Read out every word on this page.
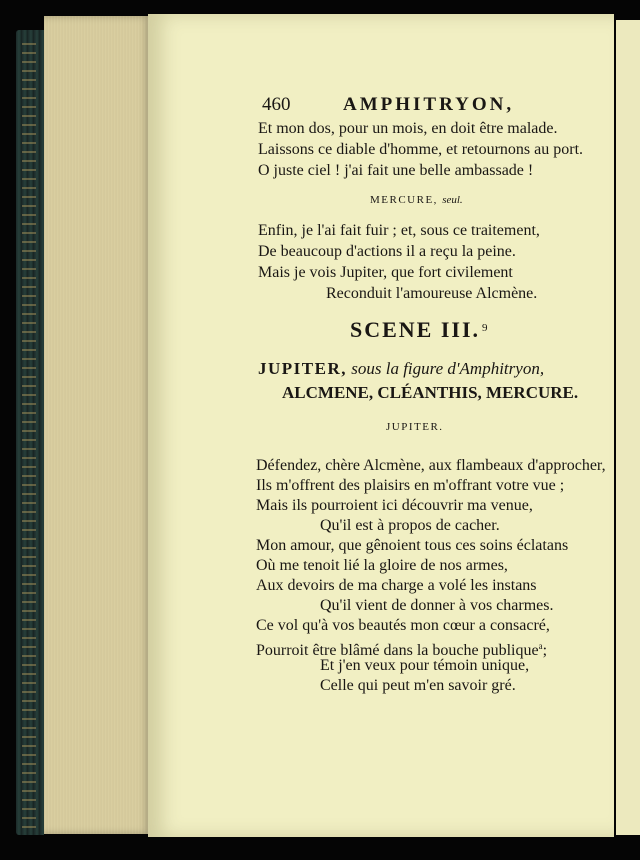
460	AMPHITRYON,
Et mon dos, pour un mois, en doit être malade.
Laissons ce diable d'homme, et retournons au port.
O juste ciel ! j'ai fait une belle ambassade !
MERCURE, seul.
Enfin, je l'ai fait fuir ; et, sous ce traitement,
De beaucoup d'actions il a reçu la peine.
Mais je vois Jupiter, que fort civilement
Reconduit l'amoureuse Alcmène.
SCENE III. $^9$
JUPITER, sous la figure d'Amphitryon,
ALCMENE, CLÉANTHIS, MERCURE.
JUPITER.
Défendez, chère Alcmène, aux flambeaux d'approcher,
Ils m'offrent des plaisirs en m'offrant votre vue ;
Mais ils pourroient ici découvrir ma venue,
Qu'il est à propos de cacher.
Mon amour, que gênoient tous ces soins éclatans
Où me tenoit lié la gloire de nos armes,
Aux devoirs de ma charge a volé les instans
Qu'il vient de donner à vos charmes.
Ce vol qu'à vos beautés mon cœur a consacré,
Pourroit être blâmé dans la bouche publique$^a$;
Et j'en veux pour témoin unique,
Celle qui peut m'en savoir gré.
